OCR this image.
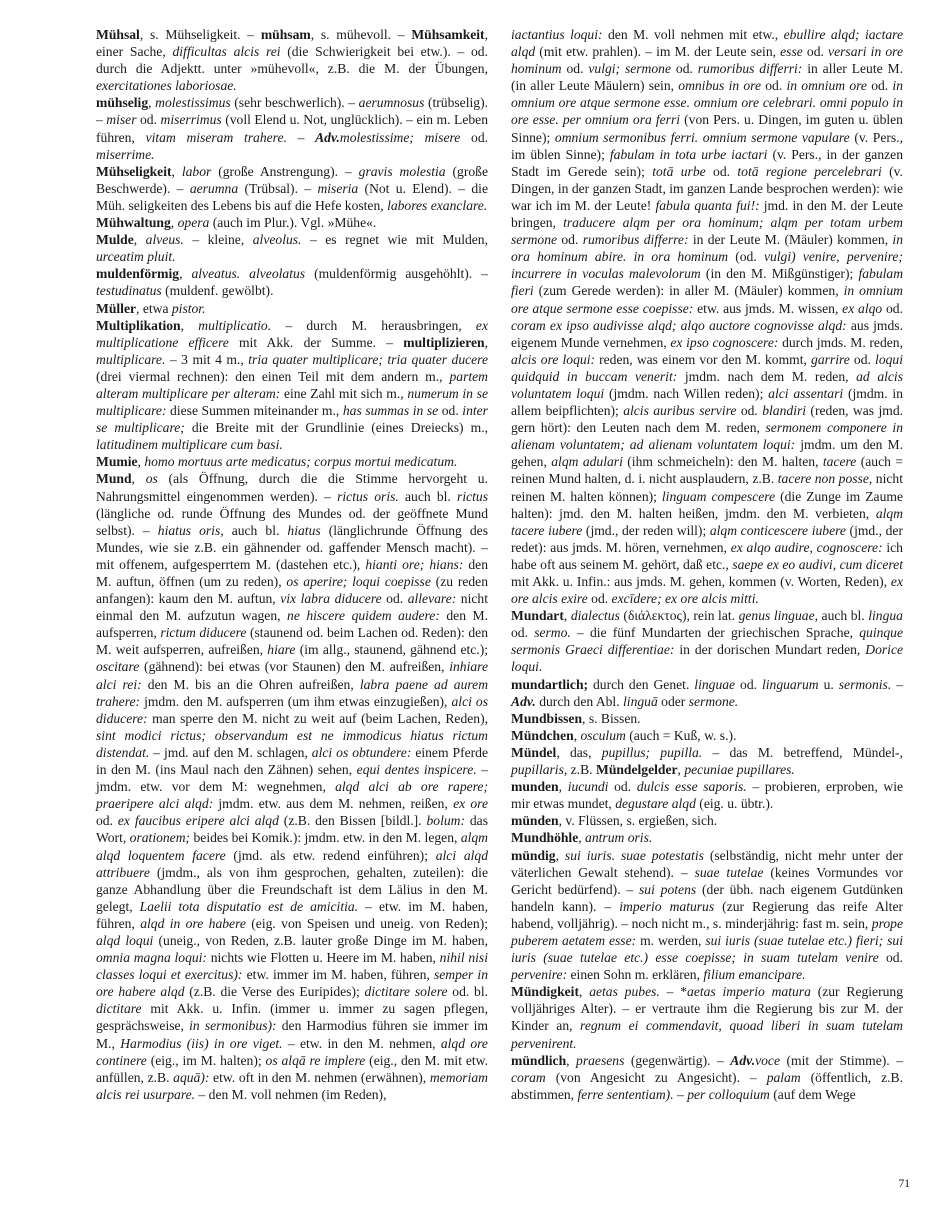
Mühsal, s. Mühseligkeit. – mühsam, s. mühevoll. – Mühsamkeit, einer Sache, difficultas alcis rei (die Schwierigkeit bei etw.). – od. durch die Adjektt. unter »mühevoll«, z.B. die M. der Übungen, exercitationes laboriosae.

mühselig, molestissimus (sehr beschwerlich). – aerumnosus (trübselig). – miser od. miserrimus (voll Elend u. Not, unglücklich). – ein m. Leben führen, vitam miseram trahere. – Adv.molestissime; misere od. miserrime.

Mühseligkeit, labor (große Anstrengung). – gravis molestia (große Beschwerde). – aerumna (Trübsal). – miseria (Not u. Elend). – die Müh. seligkeiten des Lebens bis auf die Hefe kosten, labores exanclare.

Mühwaltung, opera (auch im Plur.). Vgl. »Mühe«.

Mulde, alveus. – kleine, alveolus. – es regnet wie mit Mulden, urceatim pluit.

muldenförmig, alveatus. alveolatus (muldenförmig ausgehöhlt). – testudinatus (muldenf. gewölbt).

Müller, etwa pistor.

Multiplikation, multiplicatio. – durch M. herausbringen, ex multiplicatione efficere mit Akk. der Summe. – multiplizieren, multiplicare. – 3 mit 4 m., tria quater multiplicare; tria quater ducere (drei viermal rechnen): den einen Teil mit dem andern m., partem alteram multiplicare per alteram: eine Zahl mit sich m., numerum in se multiplicare: diese Summen miteinander m., has summas in se od. inter se multiplicare; die Breite mit der Grundlinie (eines Dreiecks) m., latitudinem multiplicare cum basi.

Mumie, homo mortuus arte medicatus; corpus mortui medicatum.

Mund, os (als Öffnung, durch die die Stimme hervorgeht u. Nahrungsmittel eingenommen werden). – rictus oris. auch bl. rictus (längliche od. runde Öffnung des Mundes od. der geöffnete Mund selbst). – hiatus oris, auch bl. hiatus (länglichrunde Öffnung des Mundes, wie sie z.B. ein gähnender od. gaffender Mensch macht). – mit offenem, aufgesperrtem M. (dastehen etc.), hianti ore; hians: den M. auftun, öffnen (um zu reden), os aperire; loqui coepisse (zu reden anfangen): kaum den M. auftun, vix labra diducere od. allevare: nicht einmal den M. aufzutun wagen, ne hiscere quidem audere: den M. aufsperren, rictum diducere (staunend od. beim Lachen od. Reden): den M. weit aufsperren, aufreißen, hiare (im allg., staunend, gähnend etc.); oscitare (gähnend): bei etwas (vor Staunen) den M. aufreißen, inhiare alci rei: den M. bis an die Ohren aufreißen, labra paene ad aurem trahere: jmdm. den M. aufsperren (um ihm etwas einzugießen), alci os diducere: man sperre den M. nicht zu weit auf (beim Lachen, Reden), sint modici rictus; observandum est ne immodicus hiatus rictum distendat. – jmd. auf den M. schlagen, alci os obtundere: einem Pferde in den M. (ins Maul nach den Zähnen) sehen, equi dentes inspicere. – jmdm. etw. vor dem M: wegnehmen, alqd alci ab ore rapere; praeripere alci alqd: jmdm. etw. aus dem M. nehmen, reißen, ex ore od. ex faucibus eripere alci alqd (z.B. den Bissen [bildl.]. bolum: das Wort, orationem; beides bei Komik.): jmdm. etw. in den M. legen, alqm alqd loquentem facere (jmd. als etw. redend einführen); alci alqd attribuere (jmdm., als von ihm gesprochen, gehalten, zuteilen): die ganze Abhandlung über die Freundschaft ist dem Lälius in den M. gelegt, Laelii tota disputatio est de amicitia. – etw. im M. haben, führen, alqd in ore habere (eig. von Speisen und uneig. von Reden); alqd loqui (uneig., von Reden, z.B. lauter große Dinge im M. haben, omnia magna loqui: nichts wie Flotten u. Heere im M. haben, nihil nisi classes loqui et exercitus): etw. immer im M. haben, führen, semper in ore habere alqd (z.B. die Verse des Euripides); dictitare solere od. bl. dictitare mit Akk. u. Infin. (immer u. immer zu sagen pflegen, gesprächsweise, in sermonibus): den Harmodius führen sie immer im M., Harmodius (iis) in ore viget. – etw. in den M. nehmen, alqd ore continere (eig., im M. halten); os alqā re implere (eig., den M. mit etw. anfüllen, z.B. aquā): etw. oft in den M. nehmen (erwähnen), memoriam alcis rei usurpare. – den M. voll nehmen (im Reden),

iactantius loqui: den M. voll nehmen mit etw., ebullire alqd; iactare alqd (mit etw. prahlen). – im M. der Leute sein, esse od. versari in ore hominum od. vulgi; sermone od. rumoribus differri: in aller Leute M. (in aller Leute Mäulern) sein, omnibus in ore od. in omnium ore od. in omnium ore atque sermone esse. omnium ore celebrari. omni populo in ore esse. per omnium ora ferri (von Pers. u. Dingen, im guten u. üblen Sinne); omnium sermonibus ferri. omnium sermone vapulare (v. Pers., im üblen Sinne); fabulam in tota urbe iactari (v. Pers., in der ganzen Stadt im Gerede sein); totā urbe od. totā regione percelebrari (v. Dingen, in der ganzen Stadt, im ganzen Lande besprochen werden): wie war ich im M. der Leute! fabula quanta fui!: jmd. in den M. der Leute bringen, traducere alqm per ora hominum; alqm per totam urbem sermone od. rumoribus differre: in der Leute M. (Mäuler) kommen, in ora hominum abire. in ora hominum (od. vulgi) venire, pervenire; incurrere in voculas malevolorum (in den M. Mißgünstiger); fabulam fieri (zum Gerede werden): in aller M. (Mäuler) kommen, in omnium ore atque sermone esse coepisse: etw. aus jmds. M. wissen, ex alqo od. coram ex ipso audivisse alqd; alqo auctore cognovisse alqd: aus jmds. eigenem Munde vernehmen, ex ipso cognoscere: durch jmds. M. reden, alcis ore loqui: reden, was einem vor den M. kommt, garrire od. loqui quidquid in buccam venerit: jmdm. nach dem M. reden, ad alcis voluntatem loqui (jmdm. nach Willen reden); alci assentari (jmdm. in allem beipflichten); alcis auribus servire od. blandiri (reden, was jmd. gern hört): den Leuten nach dem M. reden, sermonem componere in alienam voluntatem; ad alienam voluntatem loqui: jmdm. um den M. gehen, alqm adulari (ihm schmeicheln): den M. halten, tacere (auch = reinen Mund halten, d. i. nicht ausplaudern, z.B. tacere non posse, nicht reinen M. halten können); linguam compescere (die Zunge im Zaume halten): jmd. den M. halten heißen, jmdm. den M. verbieten, alqm tacere iubere (jmd., der reden will); alqm conticescere iubere (jmd., der redet): aus jmds. M. hören, vernehmen, ex alqo audire, cognoscere: ich habe oft aus seinem M. gehört, daß etc., saepe ex eo audivi, cum diceret mit Akk. u. Infin.: aus jmds. M. gehen, kommen (v. Worten, Reden), ex ore alcis exire od. excīdere; ex ore alcis mitti.

Mundart, dialectus (διάλεκτος), rein lat. genus linguae, auch bl. lingua od. sermo. – die fünf Mundarten der griechischen Sprache, quinque sermonis Graeci differentiae: in der dorischen Mundart reden, Dorice loqui.

mundartlich; durch den Genet. linguae od. linguarum u. sermonis. – Adv. durch den Abl. linguā oder sermone.

Mundbissen, s. Bissen.

Mündchen, osculum (auch = Kuß, w. s.).

Mündel, das, pupillus; pupilla. – das M. betreffend, Mündel-, pupillaris, z.B. Mündelgelder, pecuniae pupillares.

munden, iucundi od. dulcis esse saporis. – probieren, erproben, wie mir etwas mundet, degustare alqd (eig. u. übtr.).

münden, v. Flüssen, s. ergießen, sich.

Mundhöhle, antrum oris.

mündig, sui iuris. suae potestatis (selbständig, nicht mehr unter der väterlichen Gewalt stehend). – suae tutelae (keines Vormundes vor Gericht bedürfend). – sui potens (der übh. nach eigenem Gutdünken handeln kann). – imperio maturus (zur Regierung das reife Alter habend, volljährig). – noch nicht m., s. minderjährig: fast m. sein, prope puberem aetatem esse: m. werden, sui iuris (suae tutelae etc.) fieri; sui iuris (suae tutelae etc.) esse coepisse; in suam tutelam venire od. pervenire: einen Sohn m. erklären, filium emancipare.

Mündigkeit, aetas pubes. – *aetas imperio matura (zur Regierung volljähriges Alter). – er vertraute ihm die Regierung bis zur M. der Kinder an, regnum ei commendavit, quoad liberi in suam tutelam pervenirent.

mündlich, praesens (gegenwärtig). – Adv.voce (mit der Stimme). – coram (von Angesicht zu Angesicht). – palam (öffentlich, z.B. abstimmen, ferre sententiam). – per colloquium (auf dem Wege

71
